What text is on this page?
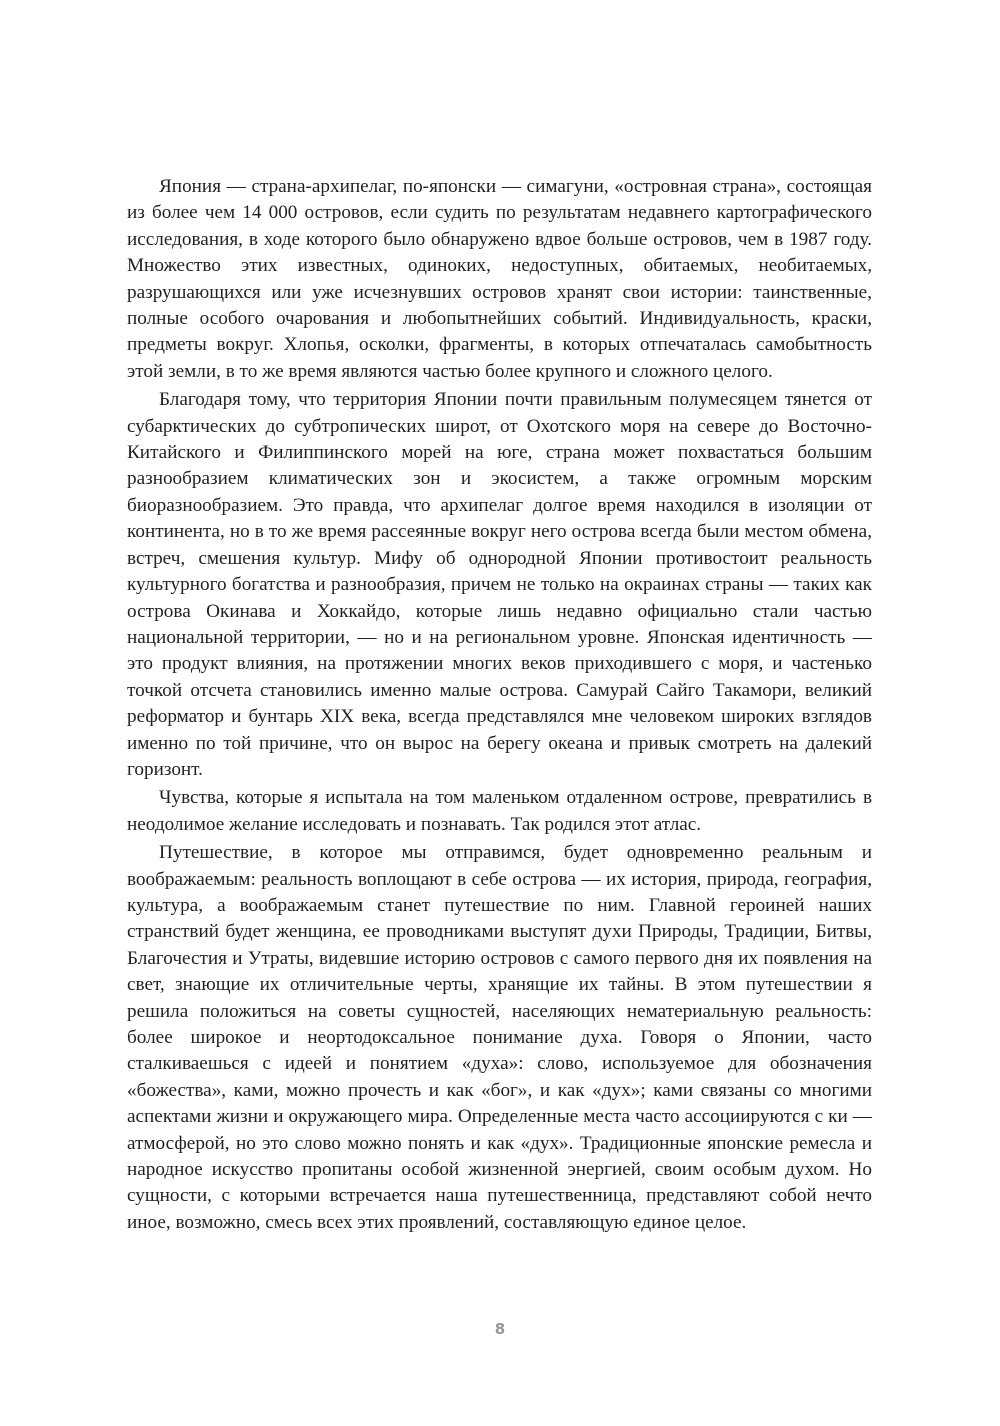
Япония — страна-архипелаг, по-японски — симагуни, «островная страна», состоящая из более чем 14 000 островов, если судить по результатам недавнего картографического исследования, в ходе которого было обнаружено вдвое больше островов, чем в 1987 году. Множество этих известных, одиноких, недоступных, обитаемых, необитаемых, разрушающихся или уже исчезнувших островов хранят свои истории: таинственные, полные особого очарования и любопытнейших событий. Индивидуальность, краски, предметы вокруг. Хлопья, осколки, фрагменты, в которых отпечаталась самобытность этой земли, в то же время являются частью более крупного и сложного целого.

Благодаря тому, что территория Японии почти правильным полумесяцем тянется от субарктических до субтропических широт, от Охотского моря на севере до Восточно-Китайского и Филиппинского морей на юге, страна может похвастаться большим разнообразием климатических зон и экосистем, а также огромным морским биоразнообразием. Это правда, что архипелаг долгое время находился в изоляции от континента, но в то же время рассеянные вокруг него острова всегда были местом обмена, встреч, смешения культур. Мифу об однородной Японии противостоит реальность культурного богатства и разнообразия, причем не только на окраинах страны — таких как острова Окинава и Хоккайдо, которые лишь недавно официально стали частью национальной территории, — но и на региональном уровне. Японская идентичность — это продукт влияния, на протяжении многих веков приходившего с моря, и частенько точкой отсчета становились именно малые острова. Самурай Сайго Такамори, великий реформатор и бунтарь XIX века, всегда представлялся мне человеком широких взглядов именно по той причине, что он вырос на берегу океана и привык смотреть на далекий горизонт.

Чувства, которые я испытала на том маленьком отдаленном острове, превратились в неодолимое желание исследовать и познавать. Так родился этот атлас.

Путешествие, в которое мы отправимся, будет одновременно реальным и воображаемым: реальность воплощают в себе острова — их история, природа, география, культура, а воображаемым станет путешествие по ним. Главной героиней наших странствий будет женщина, ее проводниками выступят духи Природы, Традиции, Битвы, Благочестия и Утраты, видевшие историю островов с самого первого дня их появления на свет, знающие их отличительные черты, хранящие их тайны. В этом путешествии я решила положиться на советы сущностей, населяющих нематериальную реальность: более широкое и неортодоксальное понимание духа. Говоря о Японии, часто сталкиваешься с идеей и понятием «духа»: слово, используемое для обозначения «божества», ками, можно прочесть и как «бог», и как «дух»; ками связаны со многими аспектами жизни и окружающего мира. Определенные места часто ассоциируются с ки — атмосферой, но это слово можно понять и как «дух». Традиционные японские ремесла и народное искусство пропитаны особой жизненной энергией, своим особым духом. Но сущности, с которыми встречается наша путешественница, представляют собой нечто иное, возможно, смесь всех этих проявлений, составляющую единое целое.

8
